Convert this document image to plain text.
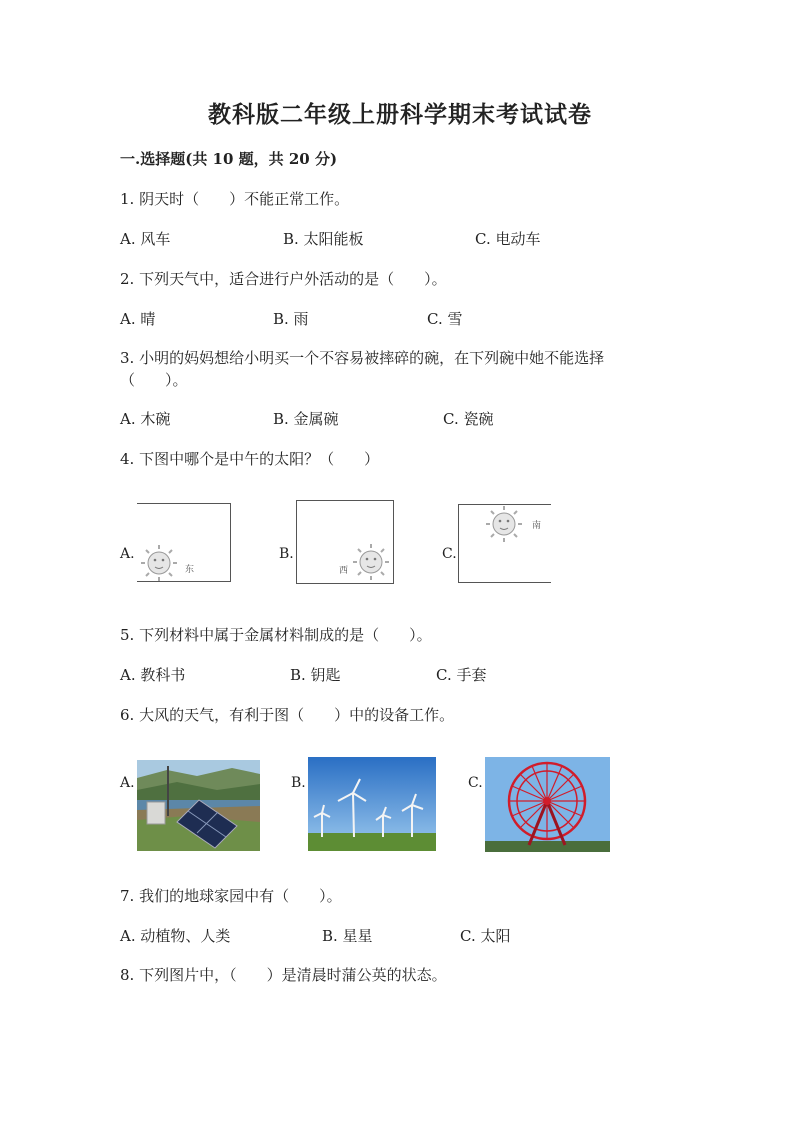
教科版二年级上册科学期末考试试卷
一.选择题(共 10 题，共 20 分)
1. 阴天时（　　）不能正常工作。
A. 风车	B. 太阳能板	C. 电动车
2. 下列天气中，适合进行户外活动的是（　　）。
A. 晴	B. 雨	C. 雪
3. 小明的妈妈想给小明买一个不容易被摔碎的碗，在下列碗中她不能选择
（　　）。
A. 木碗	B. 金属碗	C. 瓷碗
4. 下图中哪个是中午的太阳？（　　）
A.
东
B.
西
C.
南
5. 下列材料中属于金属材料制成的是（　　）。
A. 教科书	B. 钥匙	C. 手套
6. 大风的天气，有利于图（　　）中的设备工作。
A.	B.	C.
7. 我们的地球家园中有（　　）。
A. 动植物、人类	B. 星星	C. 太阳
8. 下列图片中，（　　）是清晨时蒲公英的状态。
